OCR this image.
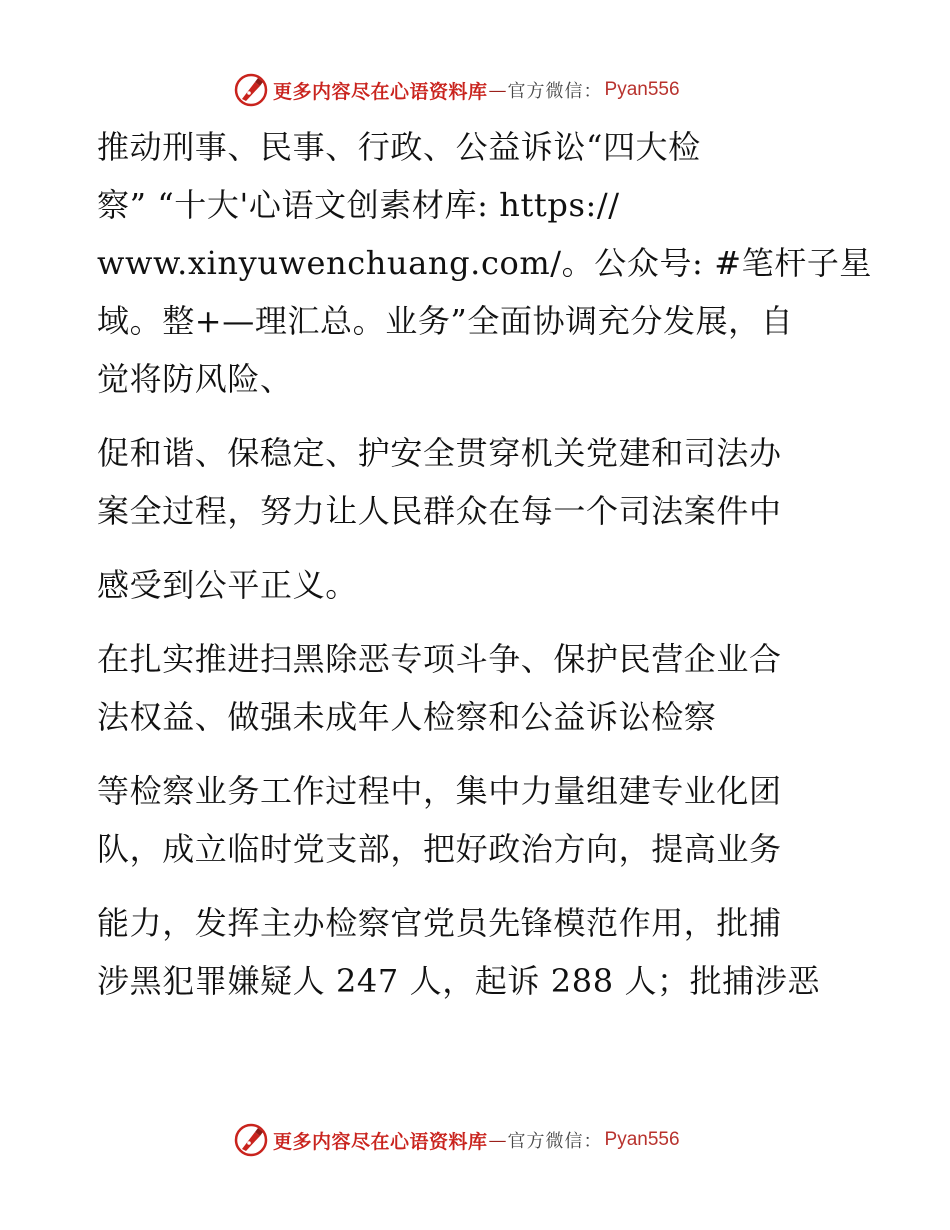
更多内容尽在心语资料库 — 官方微信： Pyan556
推动刑事、民事、行政、公益诉讼“四大检
察” “十大'心语文创素材库: https://
www.xinyuwenchuang.com/。公众号: #笔杆子星
域。整+—理汇总。业务”全面协调充分发展，自
觉将防风险、
促和谐、保稳定、护安全贯穿机关党建和司法办
案全过程，努力让人民群众在每一个司法案件中
感受到公平正义。
在扎实推进扫黑除恶专项斗争、保护民营企业合
法权益、做强未成年人检察和公益诉讼检察
等检察业务工作过程中，集中力量组建专业化团
队，成立临时党支部，把好政治方向，提高业务
能力，发挥主办检察官党员先锋模范作用，批捕
涉黑犯罪嫌疑人 247 人，起诉 288 人；批捕涉恶
更多内容尽在心语资料库 — 官方微信： Pyan556
